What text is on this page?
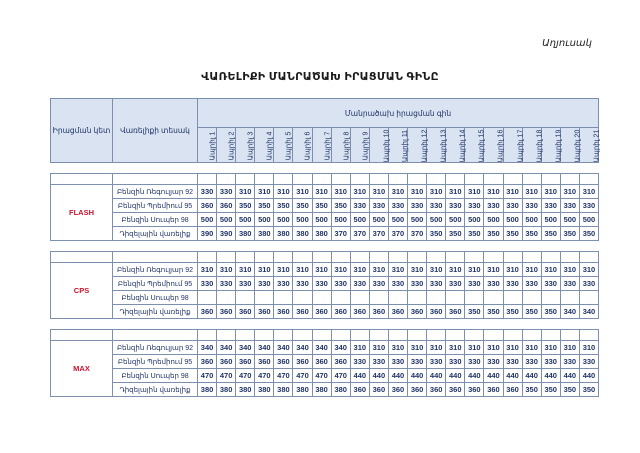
Աղյուսակ
ՎԱՌԵԼԻՔԻ ՄԱՆՐԱԾԱԽ ԻՐԱՑՄԱՆ ԳԻՆԸ
Իրացման կետ	Վառելիքի տեսակ	Մանրածախ իրացման գին																				
		Ապրիլ 1	Ապրիլ 2	Ապրիլ 3	Ապրիլ 4	Ապրիլ 5	Ապրիլ 6	Ապրիլ 7	Ապրիլ 8	Ապրիլ 9	Ապրիլ 10	Ապրիլ 11	Ապրիլ 12	Ապրիլ 13	Ապրիլ 14	Ապրիլ 15	Ապրիլ 16	Ապրիլ 17	Ապրիլ 18	Ապրիլ 19	Ապրիլ 20	Ապրիլ 21

FLASH	Բենզին Ռեգուլյար 92	330	330	310	310	310	310	310	310	310	310	310	310	310	310	310	310	310	310	310	310	310
	Բենզին Պրեմիում 95	360	360	350	350	350	350	350	350	330	330	330	330	330	330	330	330	330	330	330	330	330
	Բենզին Սուպեր 98	500	500	500	500	500	500	500	500	500	500	500	500	500	500	500	500	500	500	500	500	500
	Դիզելային վառելիք	390	390	380	380	380	380	380	370	370	370	370	370	350	350	350	350	350	350	350	350	350

CPS	Բենզին Ռեգուլյար 92	310	310	310	310	310	310	310	310	310	310	310	310	310	310	310	310	310	310	310	310	310
	Բենզին Պրեմիում 95	330	330	330	330	330	330	330	330	330	330	330	330	330	330	330	330	330	330	330	330	330
	Բենզին Սուպեր 98																					
	Դիզելային վառելիք	360	360	360	360	360	360	360	360	360	360	360	360	360	360	350	350	350	350	350	340	340

MAX	Բենզին Ռեգուլյար 92	340	340	340	340	340	340	340	340	310	310	310	310	310	310	310	310	310	310	310	310	310
	Բենզին Պրեմիում 95	360	360	360	360	360	360	360	360	330	330	330	330	330	330	330	330	330	330	330	330	330
	Բենզին Սուպեր 98	470	470	470	470	470	470	470	470	440	440	440	440	440	440	440	440	440	440	440	440	440
	Դիզելային վառելիք	380	380	380	380	380	380	380	380	360	360	360	360	360	360	360	360	360	350	350	350	350
